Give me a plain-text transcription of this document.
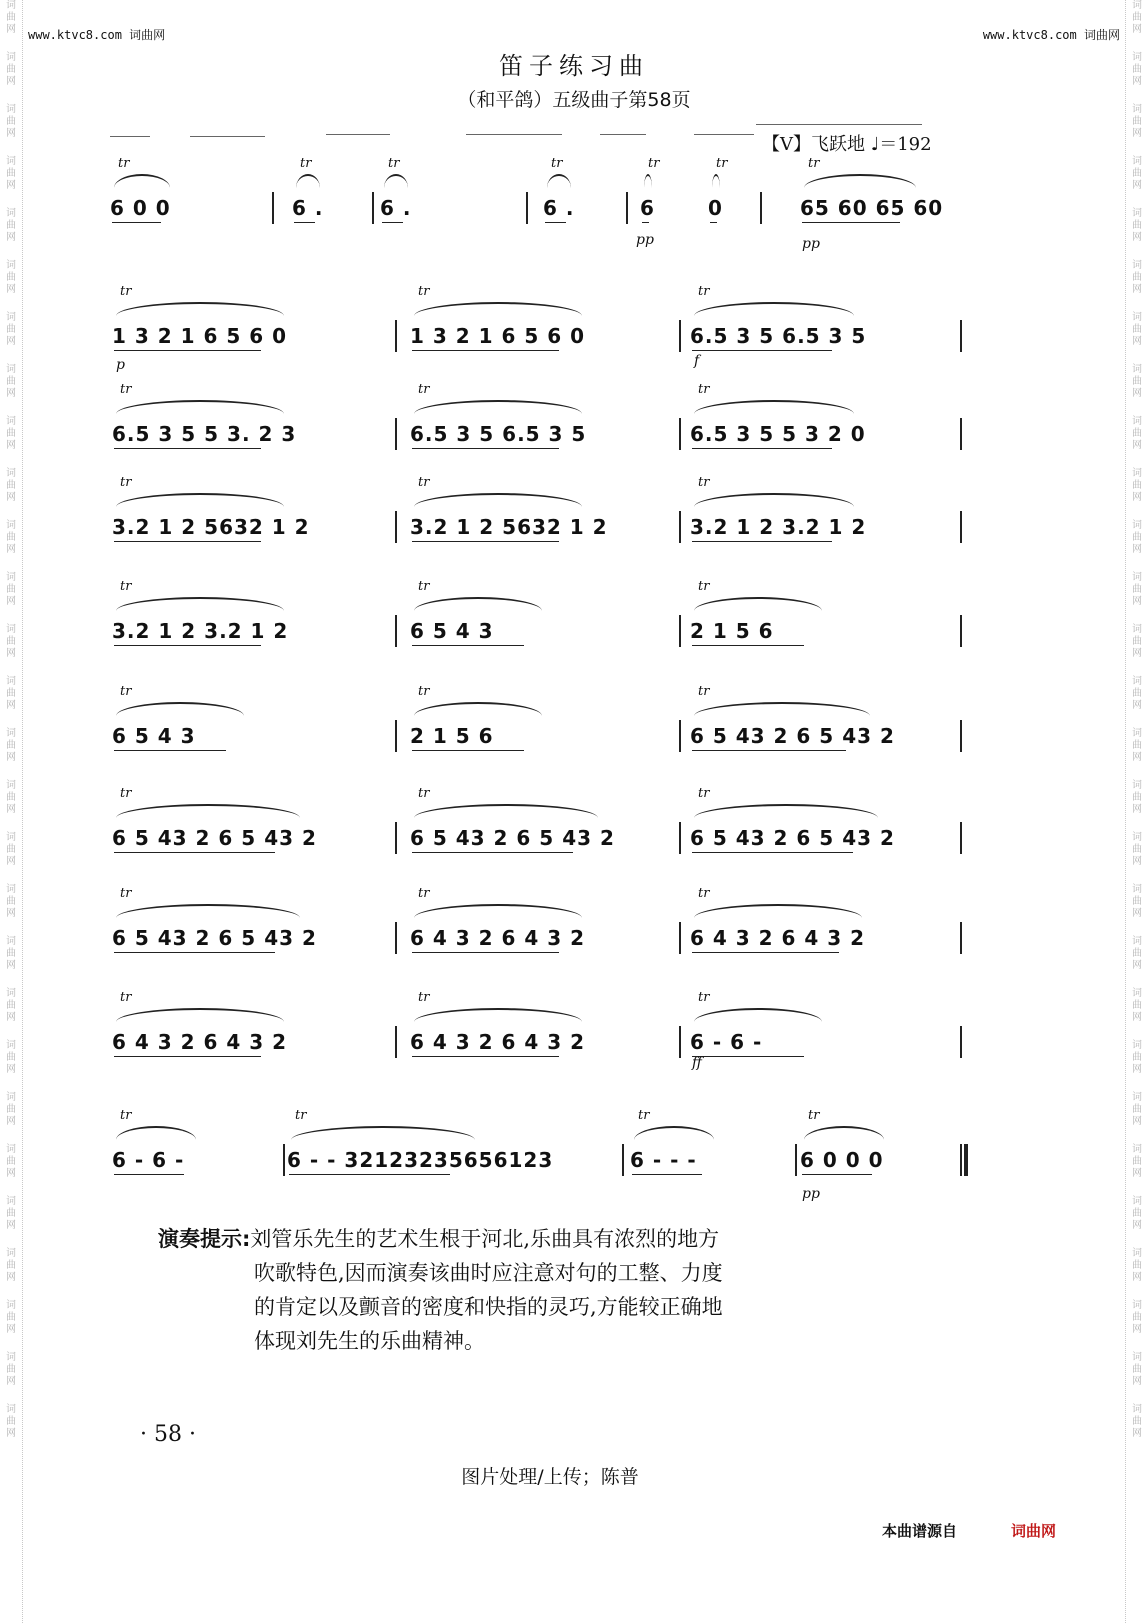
词
曲
网
词
曲
网
词
曲
网
词
曲
网
词
曲
网
词
曲
网
词
曲
网
词
曲
网
词
曲
网
词
曲
网
词
曲
网
词
曲
网
词
曲
网
词
曲
网
词
曲
网
词
曲
网
词
曲
网
词
曲
网
词
曲
网
词
曲
网
词
曲
网
词
曲
网
词
曲
网
词
曲
网
词
曲
网
词
曲
网
词
曲
网
词
曲
网
词
曲
网
词
曲
网
词
曲
网
词
曲
网
词
曲
网
词
曲
网
词
曲
网
词
曲
网
词
曲
网
词
曲
网
词
曲
网
词
曲
网
词
曲
网
词
曲
网
词
曲
网
词
曲
网
词
曲
网
词
曲
网
词
曲
网
词
曲
网
词
曲
网
词
曲
网
词
曲
网
词
曲
网
词
曲
网
词
曲
网
词
曲
网
词
曲
网
www.ktvc8.com 词曲网	www.ktvc8.com 词曲网
笛子练习曲
（和平鸽）五级曲子第58页
【V】飞跃地 ♩＝192
6 0 0
tr
6 .
tr
6 .
tr
6 .
tr
6
tr
0
tr
65 60 65 60
tr
pp	pp
1 3 2 1 6 5 6 0
tr
1 3 2 1 6 5 6 0
tr
6.5 3 5 6.5 3 5
tr
p	f
6.5 3 5 5 3. 2 3
tr
6.5 3 5 6.5 3 5
tr
6.5 3 5 5 3 2 0
tr
3.2 1 2 5632 1 2
tr
3.2 1 2 5632 1 2
tr
3.2 1 2 3.2 1 2
tr
3.2 1 2 3.2 1 2
tr
6 5 4 3
tr
2 1 5 6
tr
6 5 4 3
tr
2 1 5 6
tr
6 5 43 2 6 5 43 2
tr
6 5 43 2 6 5 43 2
tr
6 5 43 2 6 5 43 2
tr
6 5 43 2 6 5 43 2
tr
6 5 43 2 6 5 43 2
tr
6 4 3 2 6 4 3 2
tr
6 4 3 2 6 4 3 2
tr
6 4 3 2 6 4 3 2
tr
6 4 3 2 6 4 3 2
tr
6 - 6 -
tr
ff
6 - 6 -
tr
6 - - 32123235656123
tr
6 - - -
tr
6 0 0 0
tr
pp
演奏提示:刘管乐先生的艺术生根于河北,乐曲具有浓烈的地方
吹歌特色,因而演奏该曲时应注意对句的工整、力度
的肯定以及颤音的密度和快指的灵巧,方能较正确地
体现刘先生的乐曲精神。
· 58 ·
图片处理/上传；陈普
本曲谱源自	词曲网
